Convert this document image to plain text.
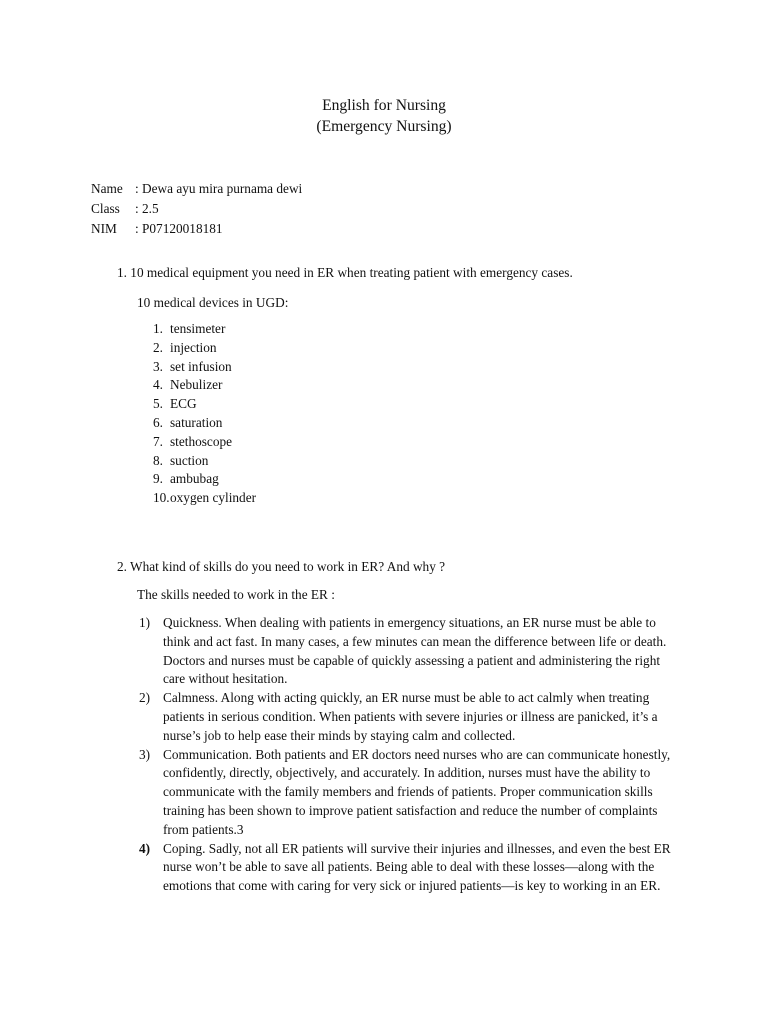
English for Nursing
(Emergency Nursing)
Name : Dewa ayu mira purnama dewi
Class	: 2.5
NIM	: P07120018181
1. 10 medical equipment you need in ER when treating patient with emergency cases.
10 medical devices in UGD:
1. tensimeter
2. injection
3. set infusion
4. Nebulizer
5. ECG
6. saturation
7. stethoscope
8. suction
9. ambubag
10. oxygen cylinder
2. What kind of skills do you need to work in ER? And why ?
The skills needed to work in the ER :
1) Quickness. When dealing with patients in emergency situations, an ER nurse must be able to think and act fast. In many cases, a few minutes can mean the difference between life or death. Doctors and nurses must be capable of quickly assessing a patient and administering the right care without hesitation.
2) Calmness. Along with acting quickly, an ER nurse must be able to act calmly when treating patients in serious condition. When patients with severe injuries or illness are panicked, it’s a nurse’s job to help ease their minds by staying calm and collected.
3) Communication. Both patients and ER doctors need nurses who are can communicate honestly, confidently, directly, objectively, and accurately. In addition, nurses must have the ability to communicate with the family members and friends of patients. Proper communication skills training has been shown to improve patient satisfaction and reduce the number of complaints from patients.3
4) Coping. Sadly, not all ER patients will survive their injuries and illnesses, and even the best ER nurse won’t be able to save all patients. Being able to deal with these losses—along with the emotions that come with caring for very sick or injured patients—is key to working in an ER.
